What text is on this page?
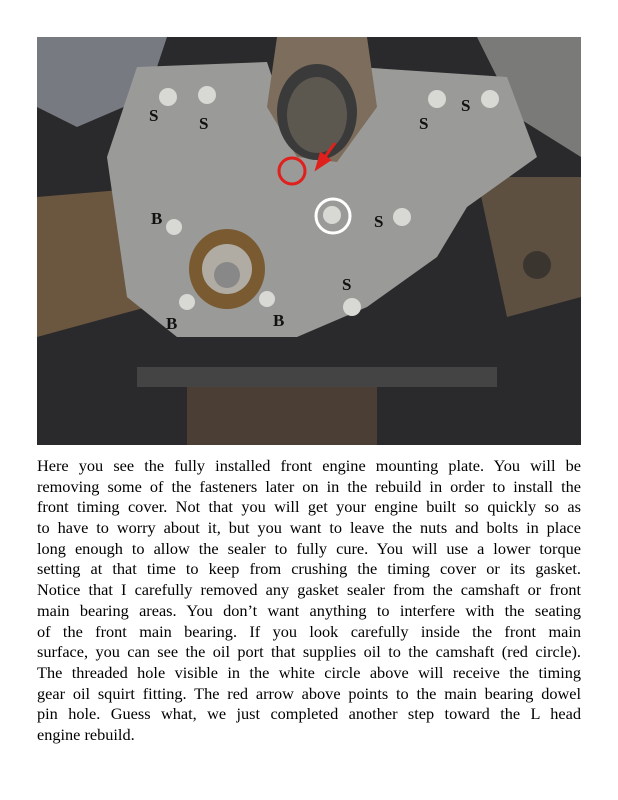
S S	S
S
S
S
B
B	B
Here you see the fully installed front engine mounting plate. You will be
removing some of the fasteners later on in the rebuild in order to install the
front timing cover. Not that you will get your engine built so quickly so as
to have to worry about it, but you want to leave the nuts and bolts in place
long enough to allow the sealer to fully cure. You will use a lower torque
setting at that time to keep from crushing the timing cover or its gasket.
Notice that I carefully removed any gasket sealer from the camshaft or front
main bearing areas. You don’t want anything to interfere with the seating
of the front main bearing. If you look carefully inside the front main
surface, you can see the oil port that supplies oil to the camshaft (red circle).
The threaded hole visible in the white circle above will receive the timing
gear oil squirt fitting. The red arrow above points to the main bearing dowel
pin hole. Guess what, we just completed another step toward the L head
engine rebuild.
